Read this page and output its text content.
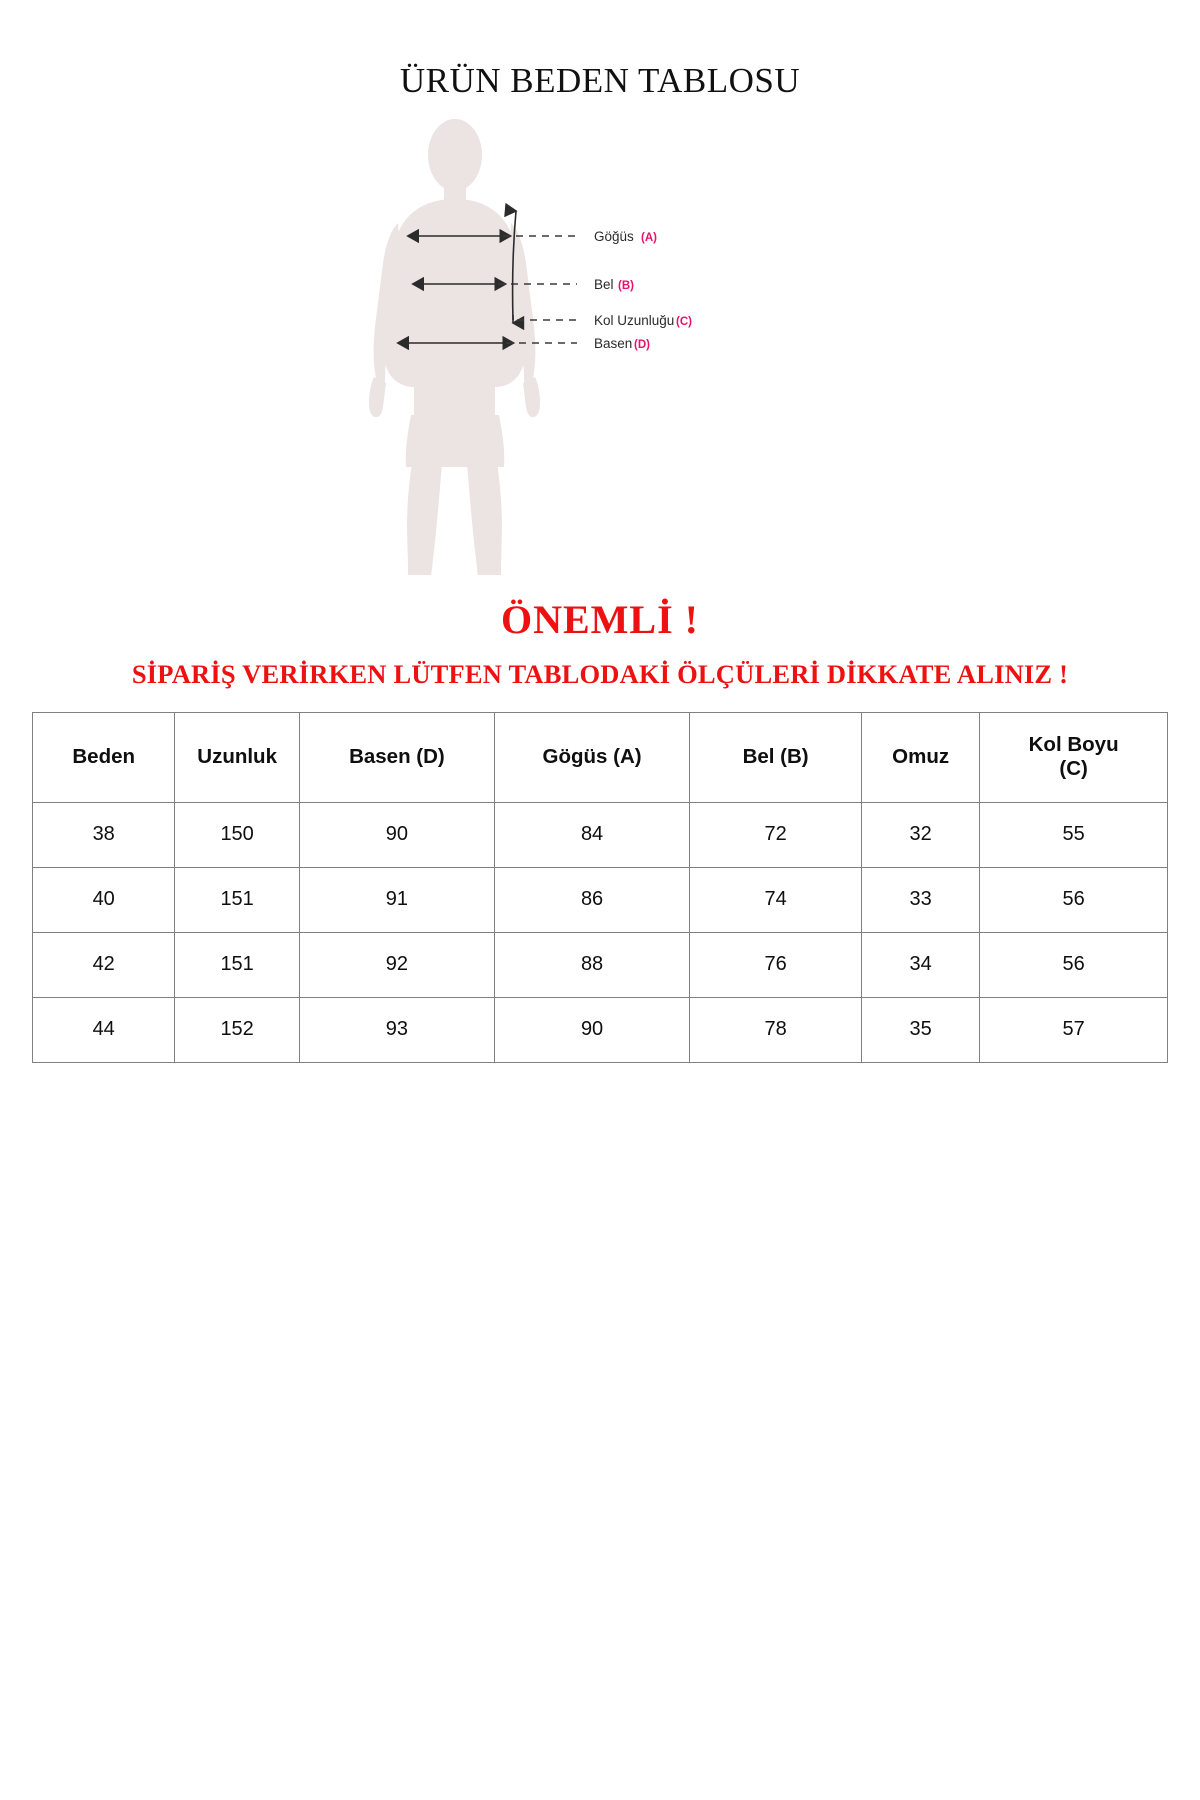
ÜRÜN BEDEN TABLOSU
Göğüs (A)
Bel (B)
Kol Uzunluğu (C)
Basen (D)
ÖNEMLİ !
SİPARİŞ VERİRKEN LÜTFEN TABLODAKİ ÖLÇÜLERİ DİKKATE ALINIZ !
Beden	Uzunluk	Basen (D)	Gögüs (A)	Bel (B)	Omuz	Kol Boyu
(C)
38	150	90	84	72	32	55
40	151	91	86	74	33	56
42	151	92	88	76	34	56
44	152	93	90	78	35	57
